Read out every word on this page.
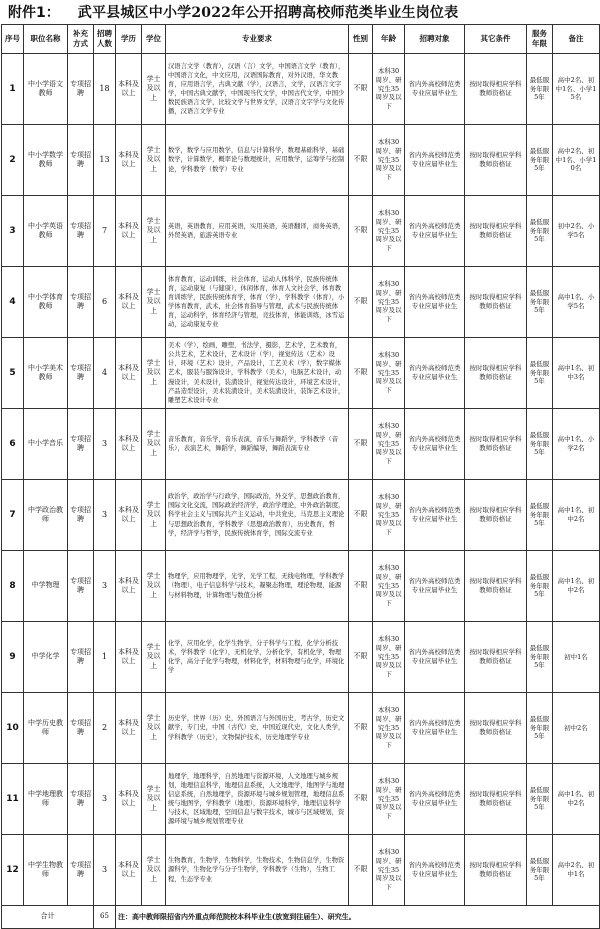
附件1： 武平县城区中小学2022年公开招聘高校师范类毕业生岗位表
序号	职位名称	补充方式	招聘人数	学历	学位	专业要求	性别	年龄	招聘对象	其它条件	服务年限	备注
1	中小学语文教师	专项招聘	18	本科及以上	学士及以上	汉语言文学（教育），汉语（言）文学，中国语言文学（教育），中国语言文化，中文应用，汉语国际教育，对外汉语，华文教育，应用语言学，古典文献（学），汉语言，文学，汉语言文字学，中国古典文献学，中国现当代文学，中国古代文学，中国少数民族语言文学，比较文学与世界文学，汉语言文字学与文化传播，汉语言文学专业	不限	本科30周岁、研究生35周岁及以下	省内外高校师范类专业应届毕业生	按时取得相应学科教师资格证	最低服务年限5年	高中2名、初中1名、小学15名
2	中小学数学教师	专项招聘	13	本科及以上	学士及以上	数学，数学与应用数学，信息与计算科学，数理基础科学，基础数学，计算数学，概率论与数理统计，应用数学，运筹学与控制论，学科教学（数学）专业	不限	本科30周岁、研究生35周岁及以下	省内外高校师范类专业应届毕业生	按时取得相应学科教师资格证	最低服务年限5年	高中2名、初中1名、小学10名
3	中小学英语教师	专项招聘	7	本科及以上	学士及以上	英语，英语教育，应用英语，实用英语，英语翻译，商务英语，外贸英语，旅游英语专业	不限	本科30周岁、研究生35周岁及以下	省内外高校师范类专业应届毕业生	按时取得相应学科教师资格证	最低服务年限5年	初中2名、小学5名
4	中小学体育教师	专项招聘	6	本科及以上	学士及以上	体育教育，运动训练，社会体育，运动人体科学，民族传统体育，运动康复（与健康），休闲体育，体育人文社会学，体育教育训练学，民族传统体育学，体育（学），学科教学（体育），小学体育教育，武术，社会体育指导与管理，武术与民族传统体育，运动科学，体育经济与管理，竞技体育，体能训练，冰雪运动，运动康复专业	不限	本科30周岁、研究生35周岁及以下	省内外高校师范类专业应届毕业生	按时取得相应学科教师资格证	最低服务年限5年	高中1名、小学5名
5	中小学美术教师	专项招聘	4	本科及以上	学士及以上	美术（学），绘画，雕塑，书法学，摄影，艺术学，艺术教育，公共艺术，艺术设计，艺术设计（学），视觉传达（艺术）设计，环境（艺术）设计，产品设计，工艺美术（学），数字媒体艺术，服装与服饰设计，学科教学（美术），电脑艺术设计，动漫设计，美术设计，装潢设计，视觉传达设计，环境艺术设计，产品造型设计，美术装潢设计，美术装潢设计，装饰艺术设计，雕塑艺术设计专业	不限	本科30周岁、研究生35周岁及以下	省内外高校师范类专业应届毕业生	按时取得相应学科教师资格证	最低服务年限5年	高中1名、初中3名
6	中小学音乐	专项招聘	3	本科及以上	学士及以上	音乐教育，音乐学，音乐表演，音乐与舞蹈学，学科教学（音乐），表演艺术，舞蹈学，舞蹈编导，舞蹈表演专业	不限	本科30周岁、研究生35周岁及以下	省内外高校师范类专业应届毕业生	按时取得相应学科教师资格证	最低服务年限5年	高中1名、小学2名
7	中学政治教师	专项招聘	3	本科及以上	学士及以上	政治学，政治学与行政学，国际政治，外交学，思想政治教育，国际文化交流，国际政治经济学，政治学理论，中外政治制度，科学社会主义与国际共产主义运动，中共党史，马克思主义理论与思想政治教育，学科教学（思想政治教育），历史教育，哲学，经济学与哲学，民族传统体育学，国际交流专业	不限	本科30周岁、研究生35周岁及以下	省内外高校师范类专业应届毕业生	按时取得相应学科教师资格证	最低服务年限5年	高中1名、初中2名
8	中学物理	专项招聘	3	本科及以上	学士及以上	物理学，应用物理学，光学，光学工程，无线电物理，学科教学（物理），电子信息科学与技术，凝聚态物理，理论物理，能源与材料物理，计算物理与数值分析	不限	本科30周岁、研究生35周岁及以下	省内外高校师范类专业应届毕业生	按时取得相应学科教师资格证	最低服务年限5年	高中1名、初中2名
9	中学化学	专项招聘	1	本科及以上	学士及以上	化学，应用化学，化学生物学，分子科学与工程，化学分析技术，学科教学（化学），无机化学，分析化学，有机化学，物理化学，高分子化学与物理，材料化学，材料物理与化学，环境化学	不限	本科30周岁、研究生35周岁及以下	省内外高校师范类专业应届毕业生	按时取得相应学科教师资格证	最低服务年限5年	初中1名
10	中学历史教师	专项招聘	2	本科及以上	学士及以上	历史学，世界（历）史，外国语言与外国历史，考古学，历史文献学，专门史，中国（古代）史，中国近现代史，文化人类学，学科教学（历史），文物保护技术，历史地理学专业	不限	本科30周岁、研究生35周岁及以下	省内外高校师范类专业应届毕业生	按时取得相应学科教师资格证	最低服务年限5年	初中2名
11	中学地理教师	专项招聘	3	本科及以上	学士及以上	地理学，地理科学，自然地理与资源环境，人文地理与城乡规划，地理信息科学，地理信息系统，人文地理学，地图学与地理信息系统，自然地理学，资源环境与城乡规划管理，地理信息系统与地图学，学科教学（地理），资源环境科学，地理信息科学与技术，区域地理，空间信息与数字技术，城市与区域规划，资源环境与城乡规划管理专业	不限	本科30周岁、研究生35周岁及以下	省内外高校师范类专业应届毕业生	按时取得相应学科教师资格证	最低服务年限5年	高中1名、初中2名
12	中学生物教师	专项招聘	3	本科及以上	学士及以上	生物教育，生物学，生物科学，生物技术，生物信息学，生物资源科学，生物化学与分子生物学，学科教学（生物），生物工程，生态学专业	不限	本科30周岁、研究生35周岁及以下	省内外高校师范类专业应届毕业生	按时取得相应学科教师资格证	最低服务年限5年	高中2名、初中1名
合计			65	注：高中教师限招省内外重点师范院校本科毕业生(放宽到往届生）、研究生。								
